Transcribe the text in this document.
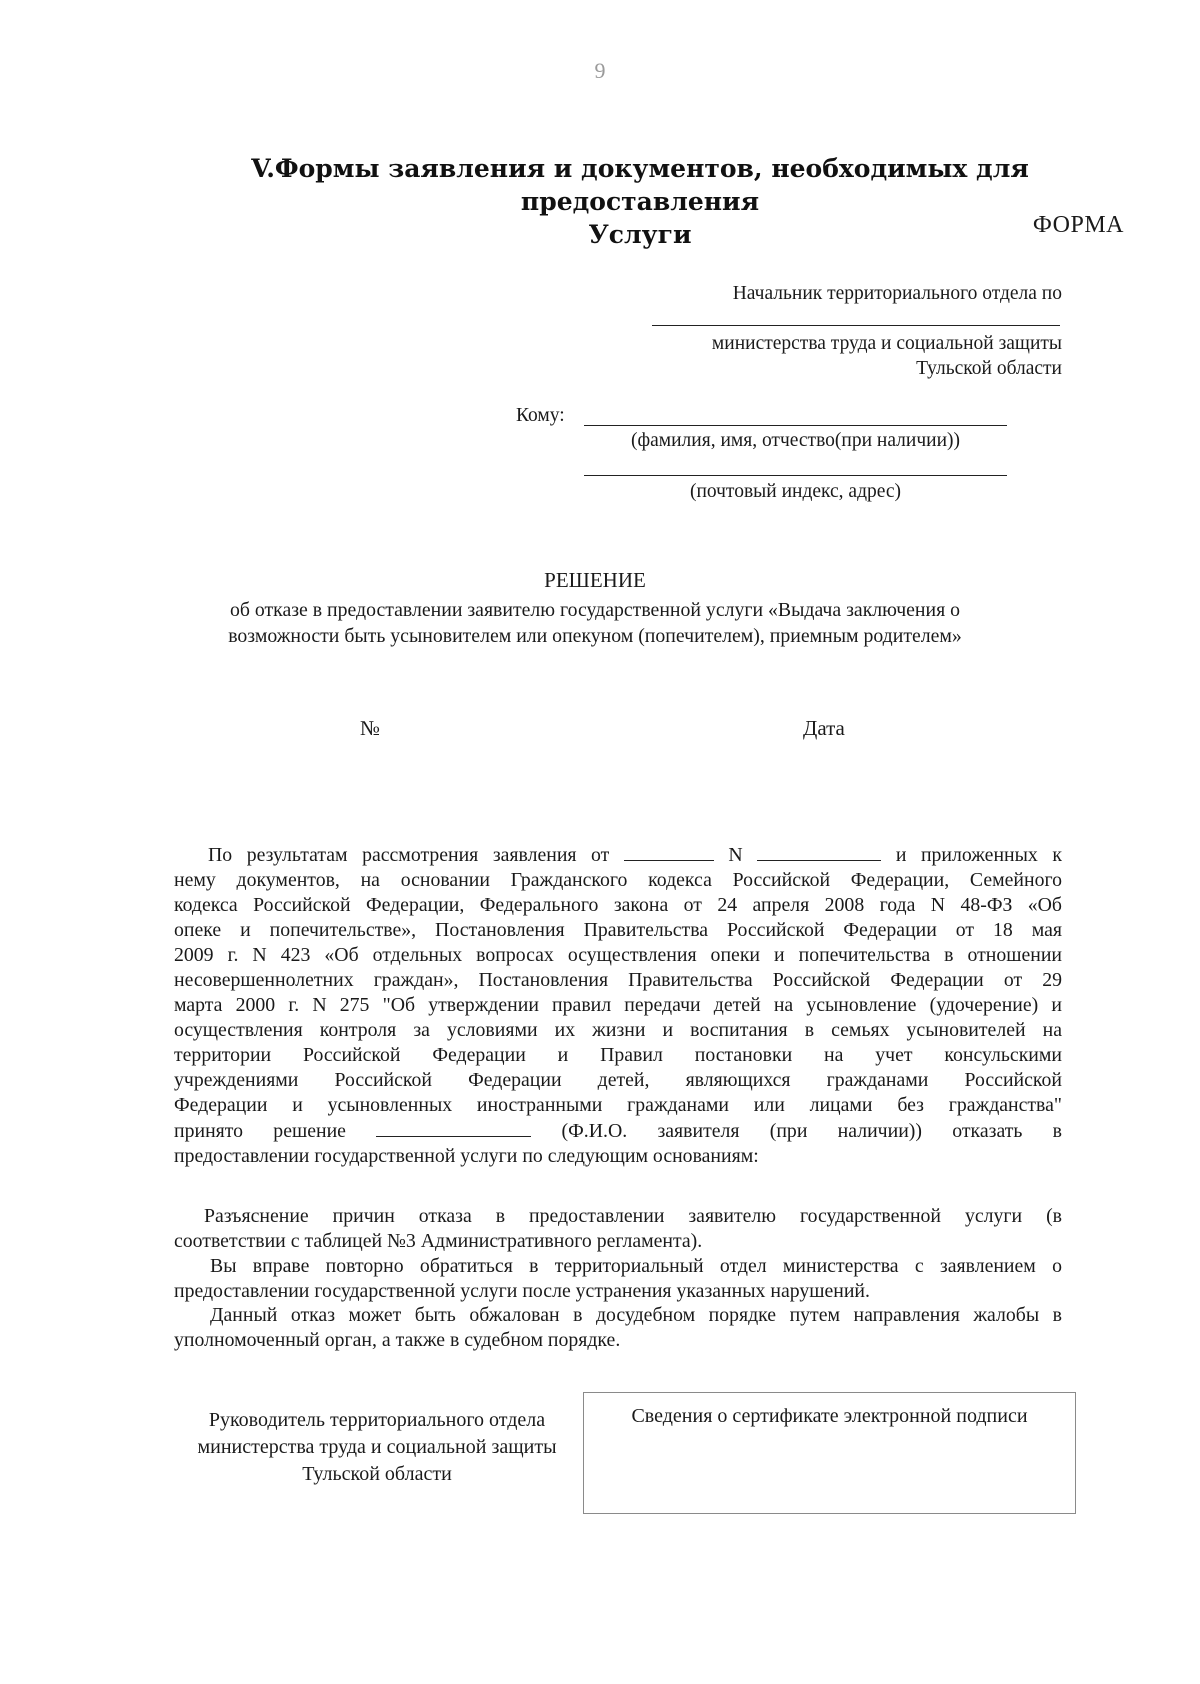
9
V.Формы заявления и документов, необходимых для предоставления
Услуги	ФОРМА
Начальник территориального отдела по
министерства труда и социальной защиты
Тульской области
Кому:
(фамилия, имя, отчество(при наличии))
(почтовый индекс, адрес)
РЕШЕНИЕ
об отказе в предоставлении заявителю государственной услуги «Выдача заключения о
возможности быть усыновителем или опекуном (попечителем), приемным родителем»
№	Дата
По результатам рассмотрения заявления от	N	и приложенных к
нему документов, на основании Гражданского кодекса Российской Федерации, Семейного
кодекса Российской Федерации, Федерального закона от 24 апреля 2008 года N 48-ФЗ «Об
опеке и попечительстве», Постановления Правительства Российской Федерации от 18 мая
2009 г. N 423 «Об отдельных вопросах осуществления опеки и попечительства в отношении
несовершеннолетних граждан», Постановления Правительства Российской Федерации от 29
марта 2000 г. N 275 "Об утверждении правил передачи детей на усыновление (удочерение) и
осуществления контроля за условиями их жизни и воспитания в семьях усыновителей на
территории Российской Федерации и Правил постановки на учет консульскими
учреждениями Российской Федерации детей, являющихся гражданами Российской
Федерации и усыновленных иностранными гражданами или лицами без гражданства"
принято решение	(Ф.И.О. заявителя (при наличии)) отказать в
предоставлении государственной услуги по следующим основаниям:
Разъяснение причин отказа в предоставлении заявителю государственной услуги (в
соответствии с таблицей №3 Административного регламента).
Вы вправе повторно обратиться в территориальный отдел министерства с заявлением о
предоставлении государственной услуги после устранения указанных нарушений.
Данный отказ может быть обжалован в досудебном порядке путем направления жалобы в
уполномоченный орган, а также в судебном порядке.
Руководитель территориального отдела
министерства труда и социальной защиты
Тульской области
Сведения о сертификате электронной подписи
